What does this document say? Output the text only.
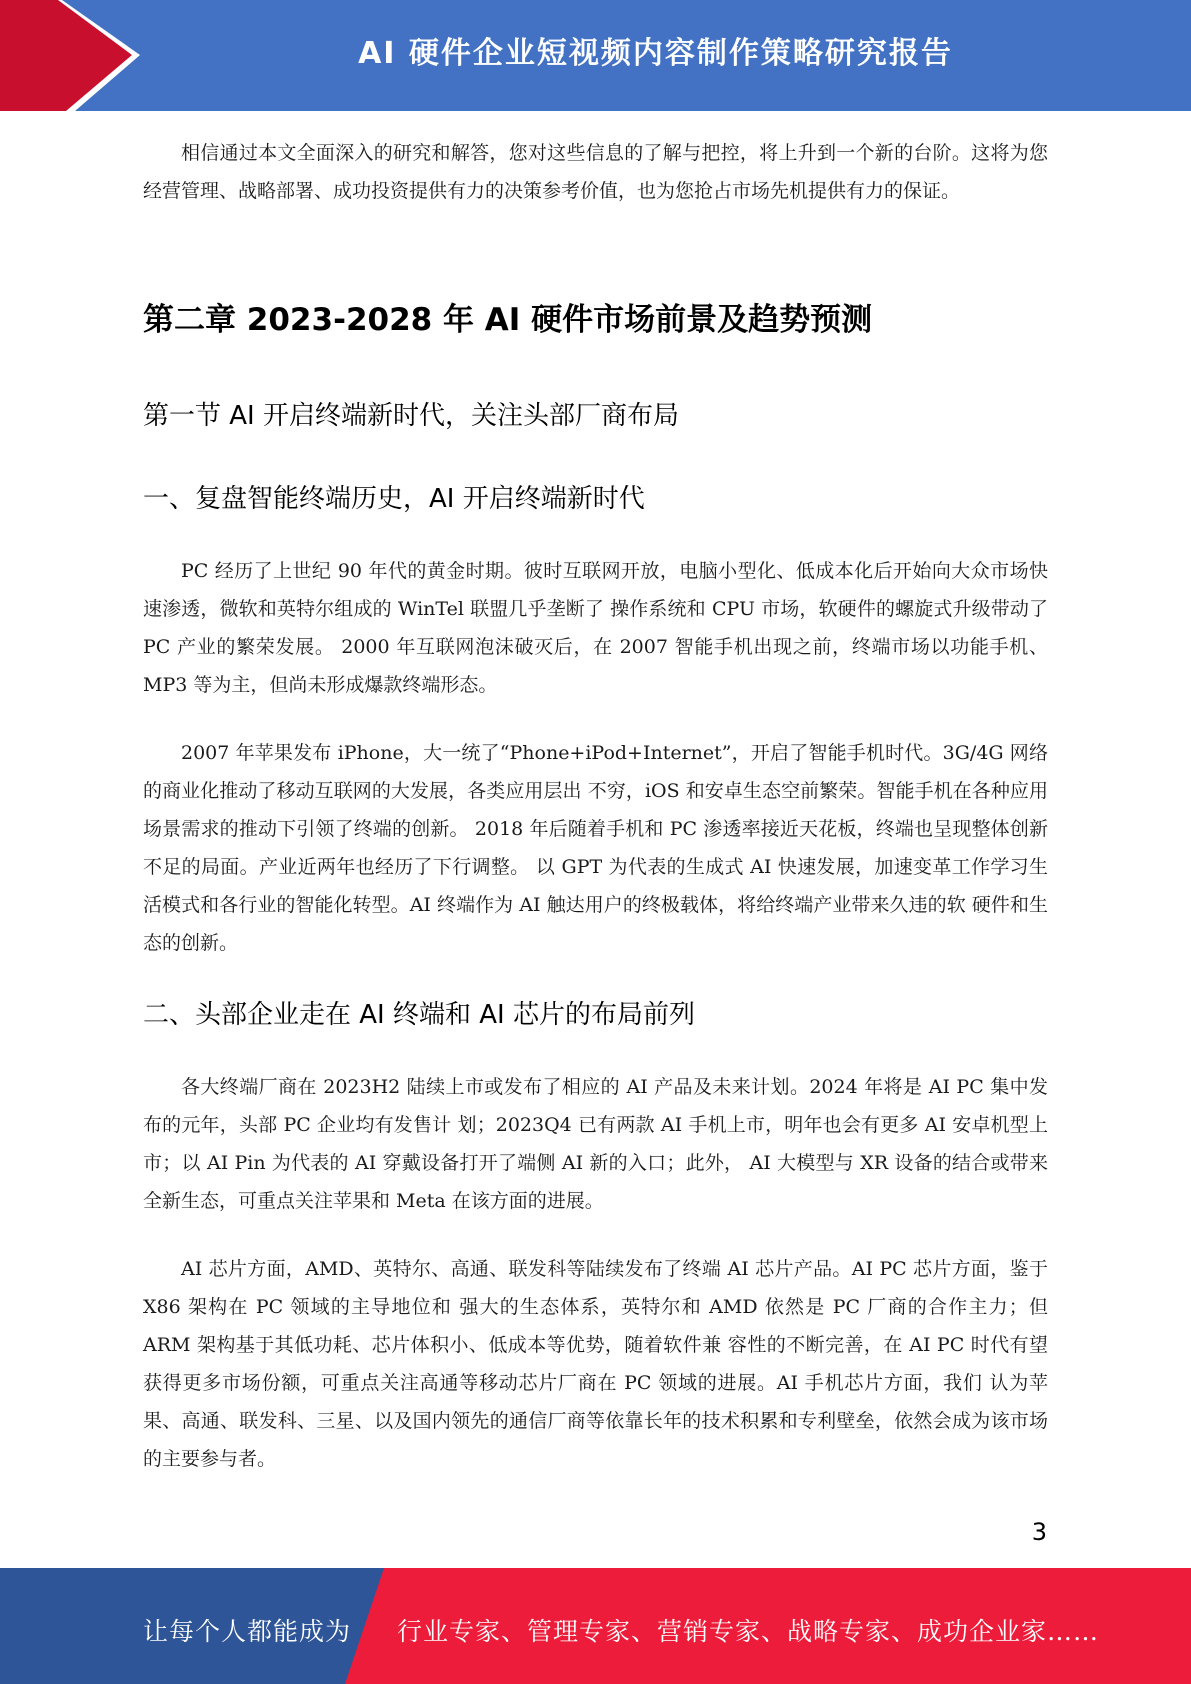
AI 硬件企业短视频内容制作策略研究报告

相信通过本文全面深入的研究和解答，您对这些信息的了解与把控，将上升到一个新的台阶。这将为您经营管理、战略部署、成功投资提供有力的决策参考价值，也为您抢占市场先机提供有力的保证。

第二章 2023-2028 年 AI 硬件市场前景及趋势预测
第一节 AI 开启终端新时代，关注头部厂商布局
一、复盘智能终端历史，AI 开启终端新时代

PC 经历了上世纪 90 年代的黄金时期。彼时互联网开放，电脑小型化、低成本化后开始向大众市场快速渗透，微软和英特尔组成的 WinTel 联盟几乎垄断了 操作系统和 CPU 市场，软硬件的螺旋式升级带动了 PC 产业的繁荣发展。 2000 年互联网泡沫破灭后，在 2007 智能手机出现之前，终端市场以功能手机、MP3 等为主，但尚未形成爆款终端形态。

2007 年苹果发布 iPhone，大一统了“Phone+iPod+Internet”，开启了智能手机时代。3G/4G 网络的商业化推动了移动互联网的大发展，各类应用层出 不穷，iOS 和安卓生态空前繁荣。智能手机在各种应用场景需求的推动下引领了终端的创新。 2018 年后随着手机和 PC 渗透率接近天花板，终端也呈现整体创新不足的局面。产业近两年也经历了下行调整。 以 GPT 为代表的生成式 AI 快速发展，加速变革工作学习生活模式和各行业的智能化转型。AI 终端作为 AI 触达用户的终极载体，将给终端产业带来久违的软 硬件和生态的创新。

二、头部企业走在 AI 终端和 AI 芯片的布局前列

各大终端厂商在 2023H2 陆续上市或发布了相应的 AI 产品及未来计划。2024 年将是 AI PC 集中发布的元年，头部 PC 企业均有发售计 划；2023Q4 已有两款 AI 手机上市，明年也会有更多 AI 安卓机型上市；以 AI Pin 为代表的 AI 穿戴设备打开了端侧 AI 新的入口；此外， AI 大模型与 XR 设备的结合或带来全新生态，可重点关注苹果和 Meta 在该方面的进展。

AI 芯片方面，AMD、英特尔、高通、联发科等陆续发布了终端 AI 芯片产品。AI PC 芯片方面，鉴于 X86 架构在 PC 领域的主导地位和 强大的生态体系，英特尔和 AMD 依然是 PC 厂商的合作主力；但 ARM 架构基于其低功耗、芯片体积小、低成本等优势，随着软件兼 容性的不断完善，在 AI PC 时代有望获得更多市场份额，可重点关注高通等移动芯片厂商在 PC 领域的进展。AI 手机芯片方面，我们 认为苹果、高通、联发科、三星、以及国内领先的通信厂商等依靠长年的技术积累和专利壁垒，依然会成为该市场的主要参与者。

3
让每个人都能成为 行业专家、管理专家、营销专家、战略专家、成功企业家……
